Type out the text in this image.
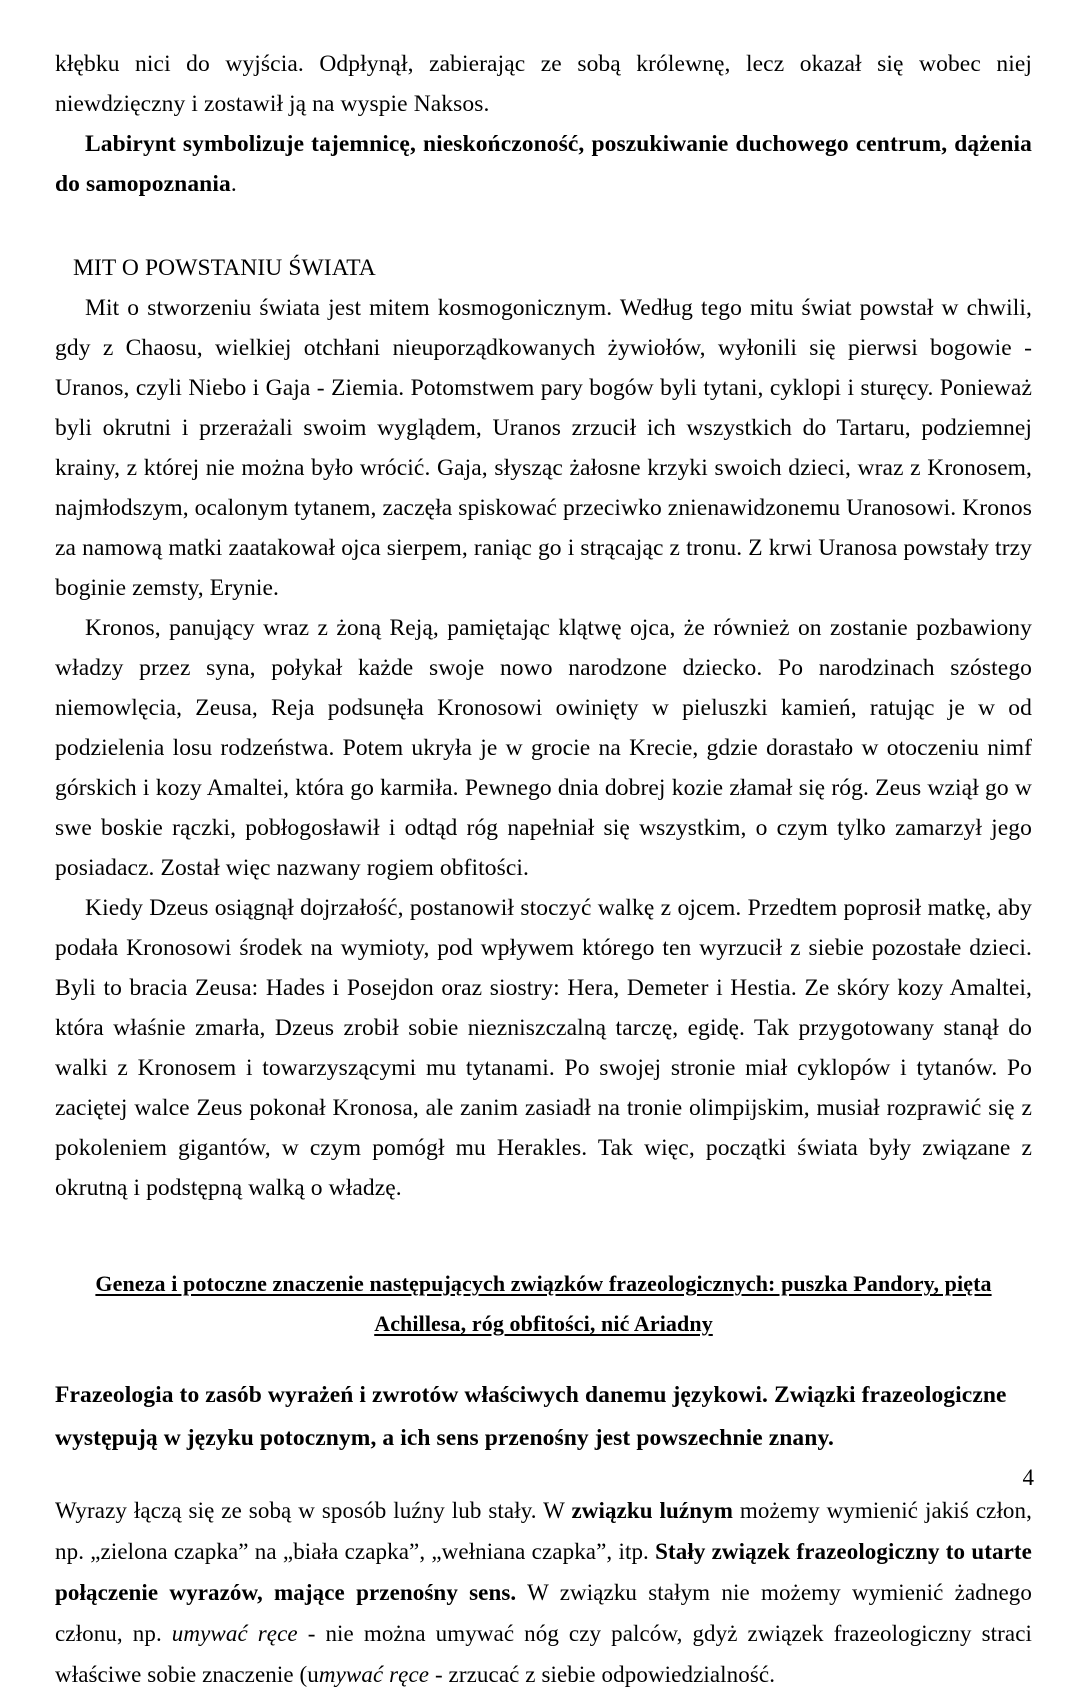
kłębku nici do wyjścia. Odpłynął, zabierając ze sobą królewnę, lecz okazał się wobec niej niewdzięczny i zostawił ją na wyspie Naksos.

Labirynt symbolizuje tajemnicę, nieskończoność, poszukiwanie duchowego centrum, dążenia do samopoznania.

MIT O POWSTANIU ŚWIATA

Mit o stworzeniu świata jest mitem kosmogonicznym. Według tego mitu świat powstał w chwili, gdy z Chaosu, wielkiej otchłani nieuporządkowanych żywiołów, wyłonili się pierwsi bogowie - Uranos, czyli Niebo i Gaja - Ziemia. Potomstwem pary bogów byli tytani, cyklopi i sturęcy. Ponieważ byli okrutni i przerażali swoim wyglądem, Uranos zrzucił ich wszystkich do Tartaru, podziemnej krainy, z której nie można było wrócić. Gaja, słysząc żałosne krzyki swoich dzieci, wraz z Kronosem, najmłodszym, ocalonym tytanem, zaczęła spiskować przeciwko znienawidzonemu Uranosowi. Kronos za namową matki zaatakował ojca sierpem, raniąc go i strącając z tronu. Z krwi Uranosa powstały trzy boginie zemsty, Erynie.

Kronos, panujący wraz z żoną Reją, pamiętając klątwę ojca, że również on zostanie pozbawiony władzy przez syna, połykał każde swoje nowo narodzone dziecko. Po narodzinach szóstego niemowlęcia, Zeusa, Reja podsunęła Kronosowi owinięty w pieluszki kamień, ratując je w od podzielenia losu rodzeństwa. Potem ukryła je w grocie na Krecie, gdzie dorastało w otoczeniu nimf górskich i kozy Amaltei, która go karmiła. Pewnego dnia dobrej kozie złamał się róg. Zeus wziął go w swe boskie rączki, pobłogosławił i odtąd róg napełniał się wszystkim, o czym tylko zamarzył jego posiadacz. Został więc nazwany rogiem obfitości.

Kiedy Dzeus osiągnął dojrzałość, postanowił stoczyć walkę z ojcem. Przedtem poprosił matkę, aby podała Kronosowi środek na wymioty, pod wpływem którego ten wyrzucił z siebie pozostałe dzieci. Byli to bracia Zeusa: Hades i Posejdon oraz siostry: Hera, Demeter i Hestia. Ze skóry kozy Amaltei, która właśnie zmarła, Dzeus zrobił sobie niezniszczalną tarczę, egidę. Tak przygotowany stanął do walki z Kronosem i towarzyszącymi mu tytanami. Po swojej stronie miał cyklopów i tytanów. Po zaciętej walce Zeus pokonał Kronosa, ale zanim zasiadł na tronie olimpijskim, musiał rozprawić się z pokoleniem gigantów, w czym pomógł mu Herakles. Tak więc, początki świata były związane z okrutną i podstępną walką o władzę.

Geneza i potoczne znaczenie następujących związków frazeologicznych: puszka Pandory, pięta Achillesa, róg obfitości, nić Ariadny

Frazeologia to zasób wyrażeń i zwrotów właściwych danemu językowi. Związki frazeologiczne występują w języku potocznym, a ich sens przenośny jest powszechnie znany.

Wyrazy łączą się ze sobą w sposób luźny lub stały. W związku luźnym możemy wymienić jakiś człon, np. „zielona czapka” na „biała czapka”, „wełniana czapka”, itp. Stały związek frazeologiczny to utarte połączenie wyrazów, mające przenośny sens. W związku stałym nie możemy wymienić żadnego członu, np. umywać ręce - nie można umywać nóg czy palców, gdyż związek frazeologiczny straci właściwe sobie znaczenie (umywać ręce - zrzucać z siebie odpowiedzialność.

4
